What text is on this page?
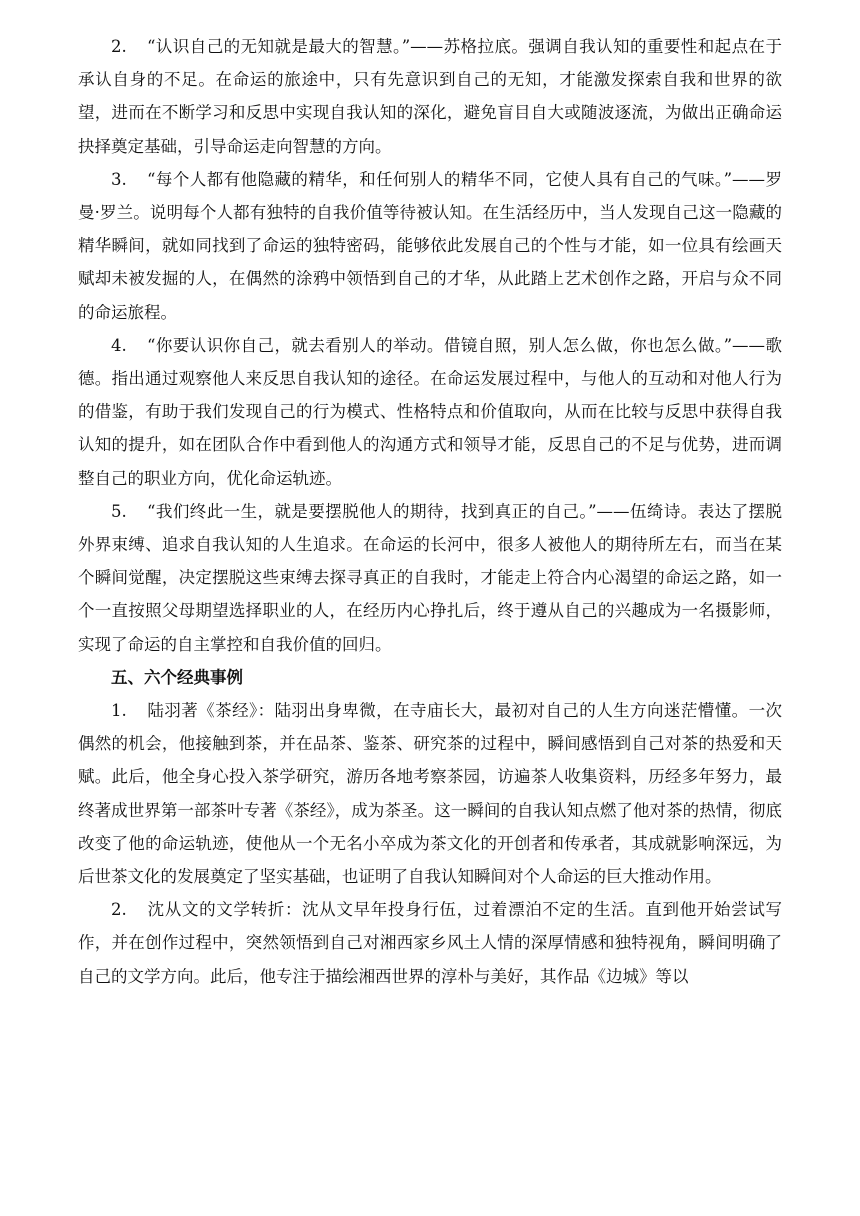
2. “认识自己的无知就是最大的智慧。”——苏格拉底。强调自我认知的重要性和起点在于承认自身的不足。在命运的旅途中，只有先意识到自己的无知，才能激发探索自我和世界的欲望，进而在不断学习和反思中实现自我认知的深化，避免盲目自大或随波逐流，为做出正确命运抉择奠定基础，引导命运走向智慧的方向。

3. “每个人都有他隐藏的精华，和任何别人的精华不同，它使人具有自己的气味。”——罗曼·罗兰。说明每个人都有独特的自我价值等待被认知。在生活经历中，当人发现自己这一隐藏的精华瞬间，就如同找到了命运的独特密码，能够依此发展自己的个性与才能，如一位具有绘画天赋却未被发掘的人，在偶然的涂鸦中领悟到自己的才华，从此踏上艺术创作之路，开启与众不同的命运旅程。

4. “你要认识你自己，就去看别人的举动。借镜自照，别人怎么做，你也怎么做。”——歌德。指出通过观察他人来反思自我认知的途径。在命运发展过程中，与他人的互动和对他人行为的借鉴，有助于我们发现自己的行为模式、性格特点和价值取向，从而在比较与反思中获得自我认知的提升，如在团队合作中看到他人的沟通方式和领导才能，反思自己的不足与优势，进而调整自己的职业方向，优化命运轨迹。

5. “我们终此一生，就是要摆脱他人的期待，找到真正的自己。”——伍绮诗。表达了摆脱外界束缚、追求自我认知的人生追求。在命运的长河中，很多人被他人的期待所左右，而当在某个瞬间觉醒，决定摆脱这些束缚去探寻真正的自我时，才能走上符合内心渴望的命运之路，如一个一直按照父母期望选择职业的人，在经历内心挣扎后，终于遵从自己的兴趣成为一名摄影师，实现了命运的自主掌控和自我价值的回归。

五、六个经典事例

1. 陆羽著《茶经》：陆羽出身卑微，在寺庙长大，最初对自己的人生方向迷茫懵懂。一次偶然的机会，他接触到茶，并在品茶、鉴茶、研究茶的过程中，瞬间感悟到自己对茶的热爱和天赋。此后，他全身心投入茶学研究，游历各地考察茶园，访遍茶人收集资料，历经多年努力，最终著成世界第一部茶叶专著《茶经》，成为茶圣。这一瞬间的自我认知点燃了他对茶的热情，彻底改变了他的命运轨迹，使他从一个无名小卒成为茶文化的开创者和传承者，其成就影响深远，为后世茶文化的发展奠定了坚实基础，也证明了自我认知瞬间对个人命运的巨大推动作用。

2. 沈从文的文学转折：沈从文早年投身行伍，过着漂泊不定的生活。直到他开始尝试写作，并在创作过程中，突然领悟到自己对湘西家乡风土人情的深厚情感和独特视角，瞬间明确了自己的文学方向。此后，他专注于描绘湘西世界的淳朴与美好，其作品《边城》等以
